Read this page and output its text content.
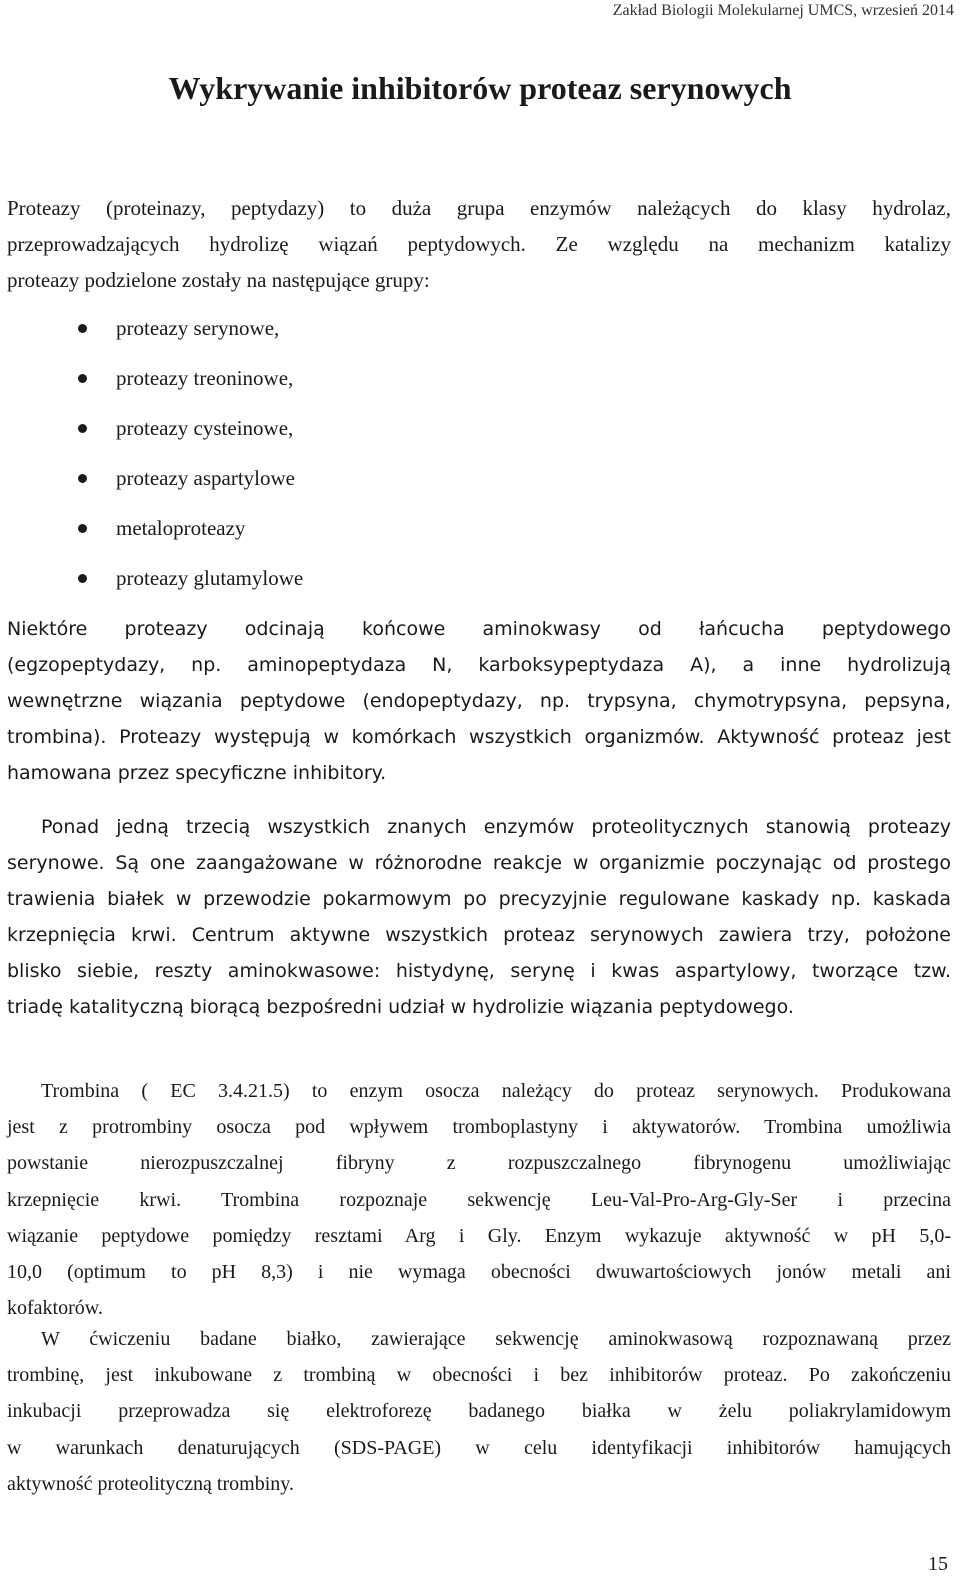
Zakład Biologii Molekularnej UMCS, wrzesień 2014
Wykrywanie inhibitorów proteaz serynowych

Proteazy (proteinazy, peptydazy) to duża grupa enzymów należących do klasy hydrolaz,
przeprowadzających hydrolizę wiązań peptydowych. Ze względu na mechanizm katalizy
proteazy podzielone zostały na następujące grupy:

proteazy serynowe,
proteazy treoninowe,
proteazy cysteinowe,
proteazy aspartylowe
metaloproteazy
proteazy glutamylowe

Niektóre proteazy odcinają końcowe aminokwasy od łańcucha peptydowego
(egzopeptydazy, np. aminopeptydaza N, karboksypeptydaza A), a inne hydrolizują
wewnętrzne wiązania peptydowe (endopeptydazy, np. trypsyna, chymotrypsyna, pepsyna,
trombina). Proteazy występują w komórkach wszystkich organizmów. Aktywność proteaz jest
hamowana przez specyficzne inhibitory.

Ponad jedną trzecią wszystkich znanych enzymów proteolitycznych stanowią proteazy
serynowe. Są one zaangażowane w różnorodne reakcje w organizmie poczynając od prostego
trawienia białek w przewodzie pokarmowym po precyzyjnie regulowane kaskady np. kaskada
krzepnięcia krwi. Centrum aktywne wszystkich proteaz serynowych zawiera trzy, położone
blisko siebie, reszty aminokwasowe: histydynę, serynę i kwas aspartylowy, tworzące tzw.
triadę katalityczną biorącą bezpośredni udział w hydrolizie wiązania peptydowego.

Trombina ( EC 3.4.21.5) to enzym osocza należący do proteaz serynowych. Produkowana
jest z protrombiny osocza pod wpływem tromboplastyny i aktywatorów. Trombina umożliwia
powstanie nierozpuszczalnej fibryny z rozpuszczalnego fibrynogenu umożliwiając
krzepnięcie krwi. Trombina rozpoznaje sekwencję Leu-Val-Pro-Arg-Gly-Ser i przecina
wiązanie peptydowe pomiędzy resztami Arg i Gly. Enzym wykazuje aktywność w pH 5,0-
10,0 (optimum to pH 8,3) i nie wymaga obecności dwuwartościowych jonów metali ani
kofaktorów.

W ćwiczeniu badane białko, zawierające sekwencję aminokwasową rozpoznawaną przez
trombinę, jest inkubowane z trombiną w obecności i bez inhibitorów proteaz. Po zakończeniu
inkubacji przeprowadza się elektroforezę badanego białka w żelu poliakrylamidowym
w warunkach denaturujących (SDS-PAGE) w celu identyfikacji inhibitorów hamujących
aktywność proteolityczną trombiny.

15
